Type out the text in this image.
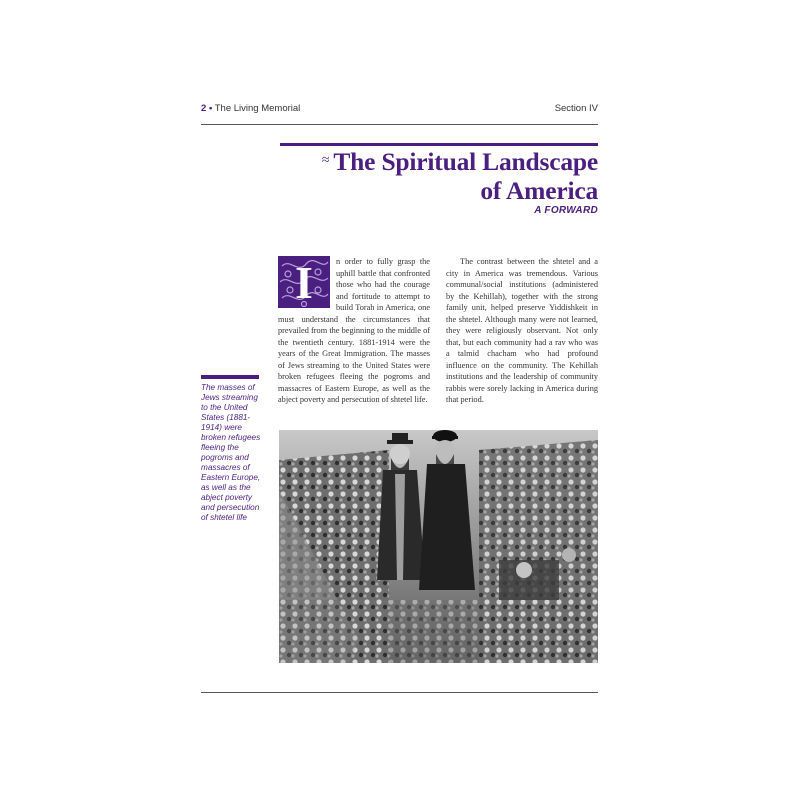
2 • The Living Memorial	Section IV
≈ The Spiritual Landscape
of America
A FORWARD
I	n order to fully grasp the uphill battle that confronted those who had the courage and fortitude to attempt to build Torah in America, one must understand the circumstances that prevailed from the beginning to the middle of the twentieth century. 1881-1914 were the years of the Great Immigration. The masses of Jews streaming to the United States were broken refugees fleeing the pogroms and massacres of Eastern Europe, as well as the abject poverty and persecution of shtetel life.

The contrast between the shtetel and a city in America was tremendous. Various communal/social institutions (administered by the Kehillah), together with the strong family unit, helped preserve Yiddishkeit in the shtetel. Although many were not learned, they were religiously observant. Not only that, but each community had a rav who was a talmid chacham who had profound influence on the community. The Kehillah institutions and the leadership of community rabbis were sorely lacking in America during that period.

The masses of Jews streaming to the United States (1881-1914) were broken refugees fleeing the pogroms and massacres of Eastern Europe, as well as the abject poverty and persecution of shtetel life
